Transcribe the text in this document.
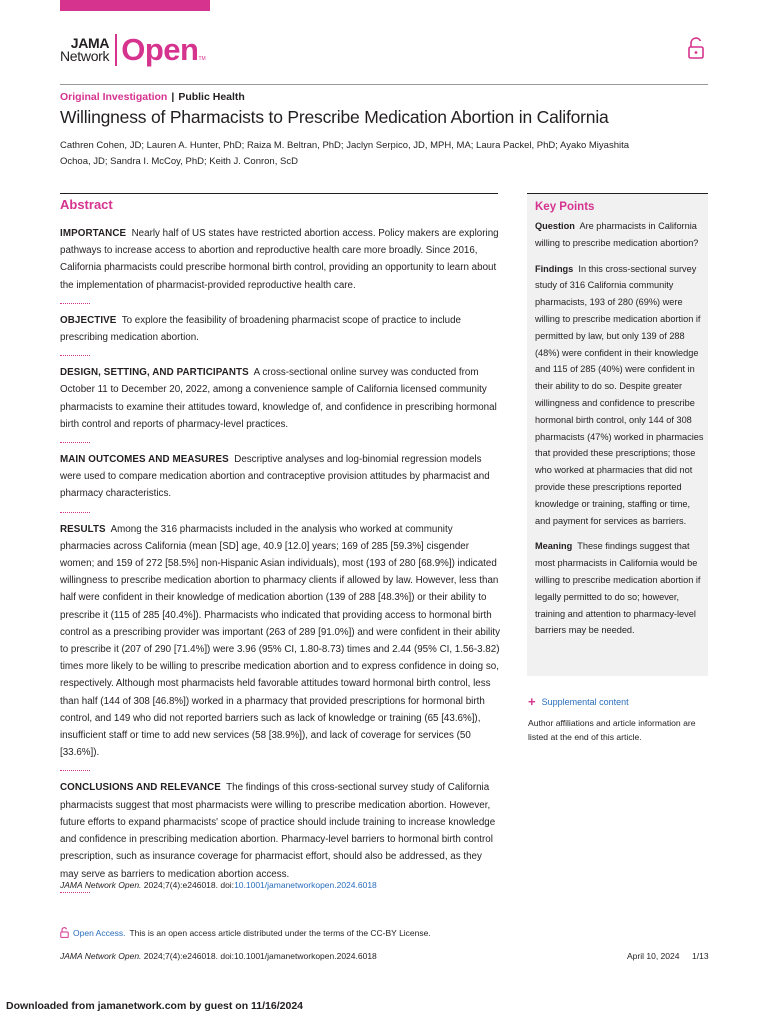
JAMA
Network Open TM
Original Investigation | Public Health
Willingness of Pharmacists to Prescribe Medication Abortion in California
Cathren Cohen, JD; Lauren A. Hunter, PhD; Raiza M. Beltran, PhD; Jaclyn Serpico, JD, MPH, MA; Laura Packel, PhD; Ayako Miyashita Ochoa, JD; Sandra I. McCoy, PhD; Keith J. Conron, ScD
Abstract

IMPORTANCE Nearly half of US states have restricted abortion access. Policy makers are exploring pathways to increase access to abortion and reproductive health care more broadly. Since 2016, California pharmacists could prescribe hormonal birth control, providing an opportunity to learn about the implementation of pharmacist-provided reproductive health care.

OBJECTIVE To explore the feasibility of broadening pharmacist scope of practice to include prescribing medication abortion.

DESIGN, SETTING, AND PARTICIPANTS A cross-sectional online survey was conducted from October 11 to December 20, 2022, among a convenience sample of California licensed community pharmacists to examine their attitudes toward, knowledge of, and confidence in prescribing hormonal birth control and reports of pharmacy-level practices.

MAIN OUTCOMES AND MEASURES Descriptive analyses and log-binomial regression models were used to compare medication abortion and contraceptive provision attitudes by pharmacist and pharmacy characteristics.

RESULTS Among the 316 pharmacists included in the analysis who worked at community pharmacies across California (mean [SD] age, 40.9 [12.0] years; 169 of 285 [59.3%] cisgender women; and 159 of 272 [58.5%] non-Hispanic Asian individuals), most (193 of 280 [68.9%]) indicated willingness to prescribe medication abortion to pharmacy clients if allowed by law. However, less than half were confident in their knowledge of medication abortion (139 of 288 [48.3%]) or their ability to prescribe it (115 of 285 [40.4%]). Pharmacists who indicated that providing access to hormonal birth control as a prescribing provider was important (263 of 289 [91.0%]) and were confident in their ability to prescribe it (207 of 290 [71.4%]) were 3.96 (95% CI, 1.80-8.73) times and 2.44 (95% CI, 1.56-3.82) times more likely to be willing to prescribe medication abortion and to express confidence in doing so, respectively. Although most pharmacists held favorable attitudes toward hormonal birth control, less than half (144 of 308 [46.8%]) worked in a pharmacy that provided prescriptions for hormonal birth control, and 149 who did not reported barriers such as lack of knowledge or training (65 [43.6%]), insufficient staff or time to add new services (58 [38.9%]), and lack of coverage for services (50 [33.6%]).

CONCLUSIONS AND RELEVANCE The findings of this cross-sectional survey study of California pharmacists suggest that most pharmacists were willing to prescribe medication abortion. However, future efforts to expand pharmacists' scope of practice should include training to increase knowledge and confidence in prescribing medication abortion. Pharmacy-level barriers to hormonal birth control prescription, such as insurance coverage for pharmacist effort, should also be addressed, as they may serve as barriers to medication abortion access.

JAMA Network Open. 2024;7(4):e246018. doi:10.1001/jamanetworkopen.2024.6018
Open Access. This is an open access article distributed under the terms of the CC-BY License.
JAMA Network Open. 2024;7(4):e246018. doi:10.1001/jamanetworkopen.2024.6018	April 10, 2024 1/13
Downloaded from jamanetwork.com by guest on 11/16/2024
Key Points

Question Are pharmacists in California willing to prescribe medication abortion?

Findings In this cross-sectional survey study of 316 California community pharmacists, 193 of 280 (69%) were willing to prescribe medication abortion if permitted by law, but only 139 of 288 (48%) were confident in their knowledge and 115 of 285 (40%) were confident in their ability to do so. Despite greater willingness and confidence to prescribe hormonal birth control, only 144 of 308 pharmacists (47%) worked in pharmacies that provided these prescriptions; those who worked at pharmacies that did not provide these prescriptions reported knowledge or training, staffing or time, and payment for services as barriers.

Meaning These findings suggest that most pharmacists in California would be willing to prescribe medication abortion if legally permitted to do so; however, training and attention to pharmacy-level barriers may be needed.

+ Supplemental content
Author affiliations and article information are listed at the end of this article.
